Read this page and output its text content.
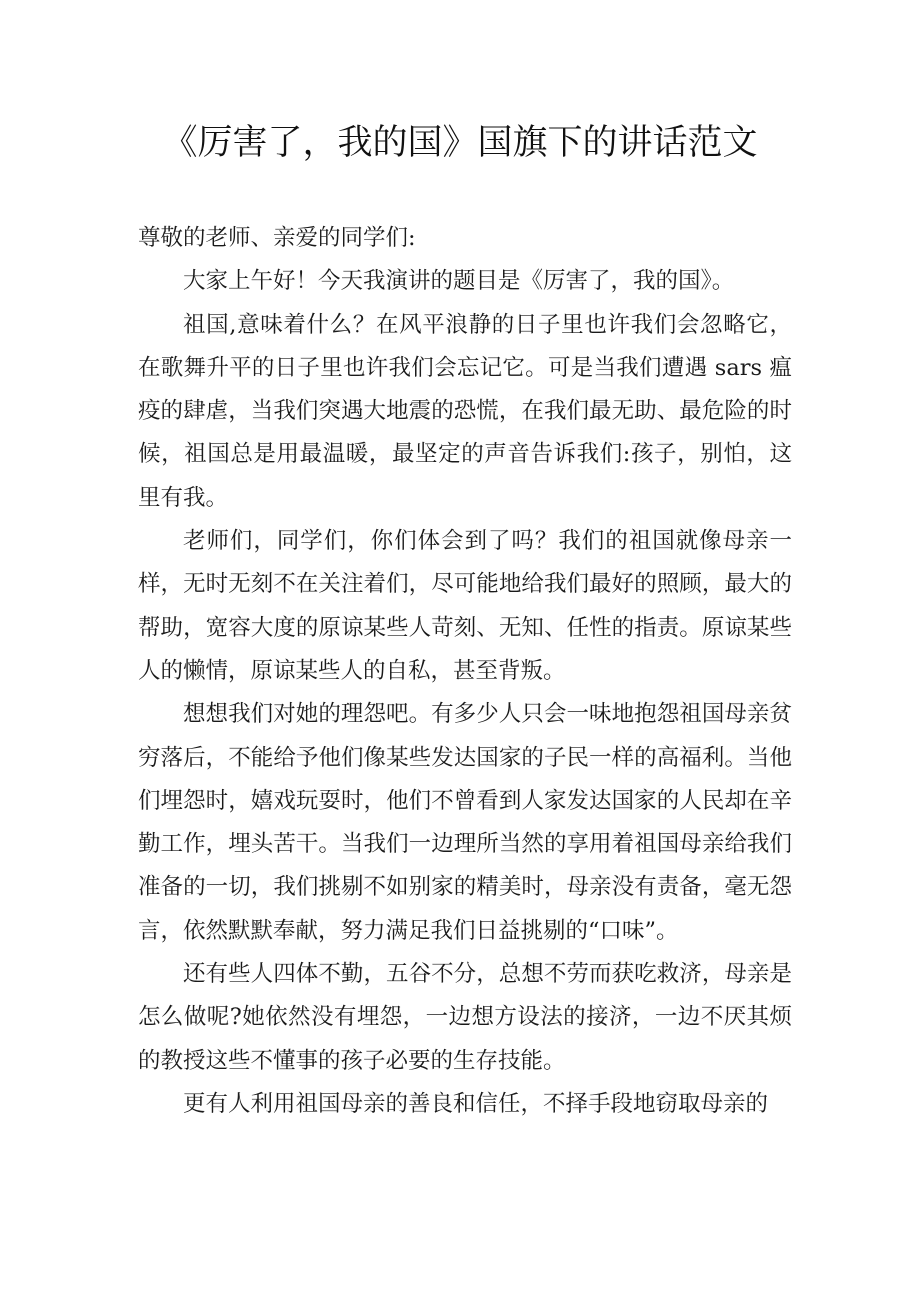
《厉害了，我的国》国旗下的讲话范文

尊敬的老师、亲爱的同学们:

大家上午好！今天我演讲的题目是《厉害了，我的国》。

祖国,意味着什么？在风平浪静的日子里也许我们会忽略它，在歌舞升平的日子里也许我们会忘记它。可是当我们遭遇 sars 瘟疫的肆虐，当我们突遇大地震的恐慌，在我们最无助、最危险的时候，祖国总是用最温暖，最坚定的声音告诉我们:孩子，别怕，这里有我。

老师们，同学们，你们体会到了吗？我们的祖国就像母亲一样，无时无刻不在关注着们，尽可能地给我们最好的照顾，最大的帮助，宽容大度的原谅某些人苛刻、无知、任性的指责。原谅某些人的懒情，原谅某些人的自私，甚至背叛。

想想我们对她的理怨吧。有多少人只会一味地抱怨祖国母亲贫穷落后，不能给予他们像某些发达国家的子民一样的高福利。当他们埋怨时，嬉戏玩耍时，他们不曾看到人家发达国家的人民却在辛勤工作，埋头苦干。当我们一边理所当然的享用着祖国母亲给我们准备的一切，我们挑剔不如别家的精美时，母亲没有责备，毫无怨言，依然默默奉献，努力满足我们日益挑剔的“口味”。

还有些人四体不勤，五谷不分，总想不劳而获吃救济，母亲是怎么做呢?她依然没有埋怨，一边想方设法的接济，一边不厌其烦的教授这些不懂事的孩子必要的生存技能。

更有人利用祖国母亲的善良和信任，不择手段地窃取母亲的
